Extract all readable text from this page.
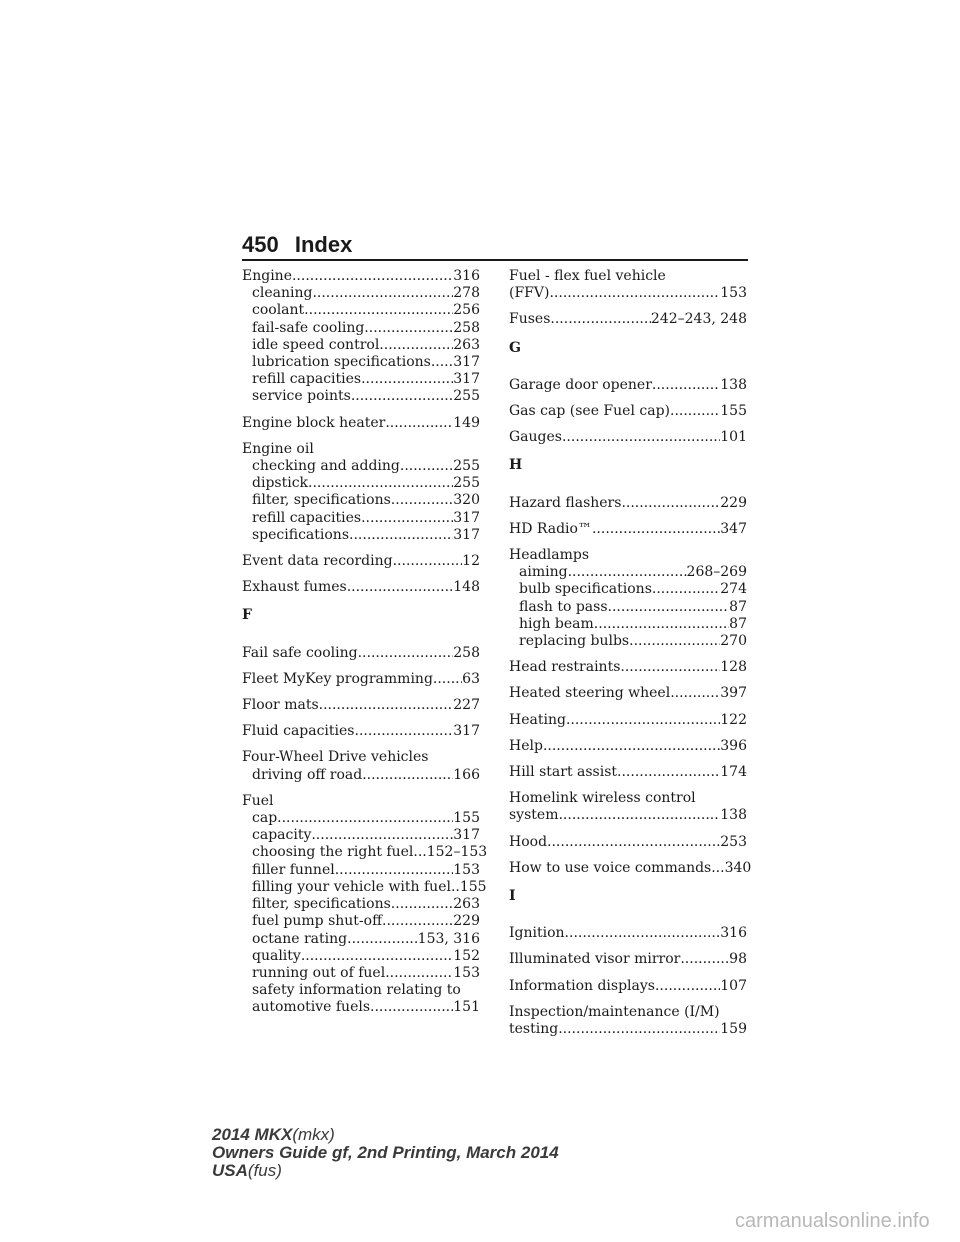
450 Index
Engine .....	316
cleaning .....	278
coolant .....	256
fail-safe cooling .....	258
idle speed control .....	263
lubrication specifications ..... 317
refill capacities .....	317
service points .....	255
Engine block heater .....	149
Engine oil
checking and adding .....	255
dipstick .....	255
filter, specifications .....	320
refill capacities .....	317
specifications .....	317
Event data recording .....	12
Exhaust fumes .....	148
F
Fail safe cooling .....	258
Fleet MyKey programming ..... 63
Floor mats .....	227
Fluid capacities .....	317
Four-Wheel Drive vehicles
driving off road .....	166
Fuel
cap .....	155
capacity .....	317
choosing the right fuel ...152–153
filler funnel .....	153
filling your vehicle with fuel ..155
filter, specifications .....	263
fuel pump shut-off .....	229
octane rating .....	153, 316
quality .....	152
running out of fuel .....	153
safety information relating to
automotive fuels .....	151
Fuel - flex fuel vehicle
(FFV) .....	153
Fuses .....	242–243, 248
G
Garage door opener .....	138
Gas cap (see Fuel cap) .....	155
Gauges .....	101
H
Hazard flashers .....	229
HD Radio™ .....	347
Headlamps
aiming .....	268–269
bulb specifications .....	274
flash to pass .....	87
high beam .....	87
replacing bulbs .....	270
Head restraints .....	128
Heated steering wheel .....	397
Heating .....	122
Help .....	396
Hill start assist .....	174
Homelink wireless control
system .....	138
Hood .....	253
How to use voice commands ...340
I
Ignition .....	316
Illuminated visor mirror .....	98
Information displays .....	107
Inspection/maintenance (I/M)
testing .....	159
2014 MKX(mkx)
Owners Guide gf, 2nd Printing, March 2014
USA(fus)
carmanualsonline.info
